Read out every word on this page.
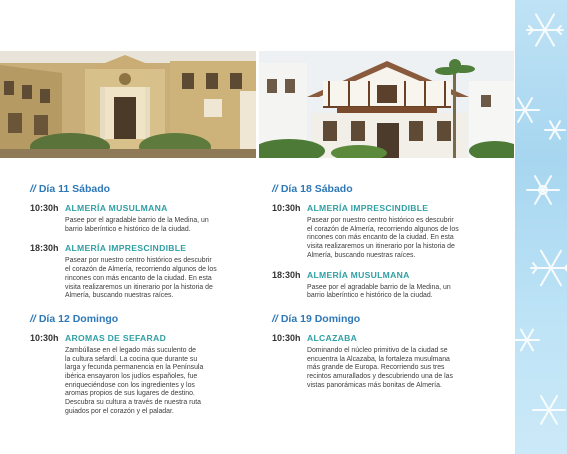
// Día 11 Sábado
10:30h ALMERÍA MUSULMANA
Pasee por el agradable barrio de la Medina, un
barrio laberíntico e histórico de la ciudad.
18:30h ALMERÍA IMPRESCINDIBLE
Pasear por nuestro centro histórico es descubrir
el corazón de Almería, recorriendo algunos de los
rincones con más encanto de la ciudad. En esta
visita realizaremos un itinerario por la historia de
Almería, buscando nuestras raíces.
// Día 12 Domingo
10:30h AROMAS DE SEFARAD
Zambúllase en el legado más suculento de
la cultura sefardí. La cocina que durante su
larga y fecunda permanencia en la Península
ibérica ensayaron los judíos españoles, fue
enriqueciéndose con los ingredientes y los
aromas propios de sus lugares de destino.
Descubra su cultura a través de nuestra ruta
guiados por el corazón y el paladar.
// Día 18 Sábado
10:30h ALMERÍA IMPRESCINDIBLE
Pasear por nuestro centro histórico es descubrir
el corazón de Almería, recorriendo algunos de los
rincones con más encanto de la ciudad. En esta
visita realizaremos un itinerario por la historia de
Almería, buscando nuestras raíces.
18:30h ALMERÍA MUSULMANA
Pasee por el agradable barrio de la Medina, un
barrio laberíntico e histórico de la ciudad.
// Día 19 Domingo
10:30h ALCAZABA
Dominando el núcleo primitivo de la ciudad se
encuentra la Alcazaba, la fortaleza musulmana
más grande de Europa. Recorriendo sus tres
recintos amurallados y descubriendo una de las
vistas panorámicas más bonitas de Almería.
